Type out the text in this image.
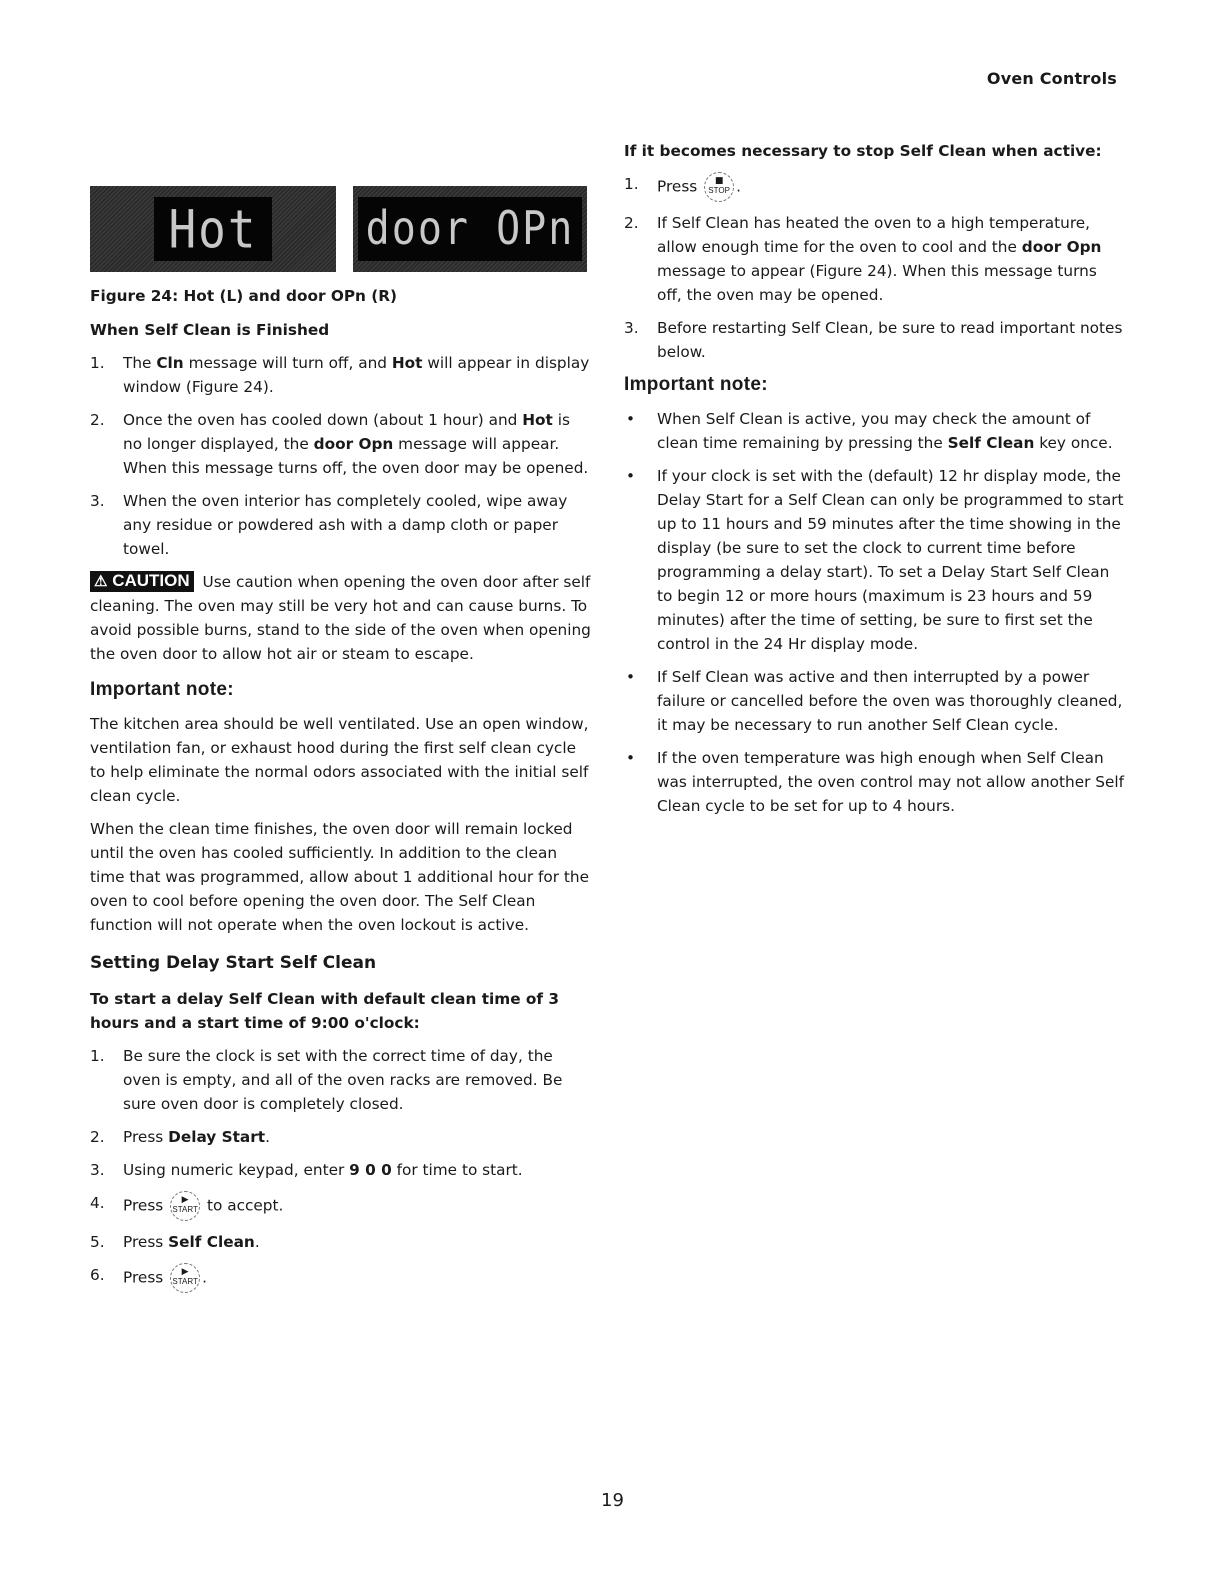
Oven Controls
Hot	door OPn

Figure 24: Hot (L) and door OPn (R)

When Self Clean is Finished

1. The Cln message will turn off, and Hot will appear in display window (Figure 24).
2. Once the oven has cooled down (about 1 hour) and Hot is no longer displayed, the door Opn message will appear. When this message turns off, the oven door may be opened.
3. When the oven interior has completely cooled, wipe away any residue or powdered ash with a damp cloth or paper towel.

⚠ CAUTION Use caution when opening the oven door after self cleaning. The oven may still be very hot and can cause burns. To avoid possible burns, stand to the side of the oven when opening the oven door to allow hot air or steam to escape.

Important note:

The kitchen area should be well ventilated. Use an open window, ventilation fan, or exhaust hood during the first self clean cycle to help eliminate the normal odors associated with the initial self clean cycle.

When the clean time finishes, the oven door will remain locked until the oven has cooled sufficiently. In addition to the clean time that was programmed, allow about 1 additional hour for the oven to cool before opening the oven door. The Self Clean function will not operate when the oven lockout is active.

Setting Delay Start Self Clean

To start a delay Self Clean with default clean time of 3 hours and a start time of 9:00 o'clock:

1. Be sure the clock is set with the correct time of day, the oven is empty, and all of the oven racks are removed. Be sure oven door is completely closed.
2. Press Delay Start.
3. Using numeric keypad, enter 9 0 0 for time to start.
4. Press	▶
START to accept.
5. Press Self Clean.
6. Press	▶
START .

If it becomes necessary to stop Self Clean when active:

1. Press	■
STOP .
2. If Self Clean has heated the oven to a high temperature, allow enough time for the oven to cool and the door Opn message to appear (Figure 24). When this message turns off, the oven may be opened.
3. Before restarting Self Clean, be sure to read important notes below.
Important note:
• When Self Clean is active, you may check the amount of clean time remaining by pressing the Self Clean key once.
• If your clock is set with the (default) 12 hr display mode, the Delay Start for a Self Clean can only be programmed to start up to 11 hours and 59 minutes after the time showing in the display (be sure to set the clock to current time before programming a delay start). To set a Delay Start Self Clean to begin 12 or more hours (maximum is 23 hours and 59 minutes) after the time of setting, be sure to first set the control in the 24 Hr display mode.
• If Self Clean was active and then interrupted by a power failure or cancelled before the oven was thoroughly cleaned, it may be necessary to run another Self Clean cycle.
• If the oven temperature was high enough when Self Clean was interrupted, the oven control may not allow another Self Clean cycle to be set for up to 4 hours.
19
